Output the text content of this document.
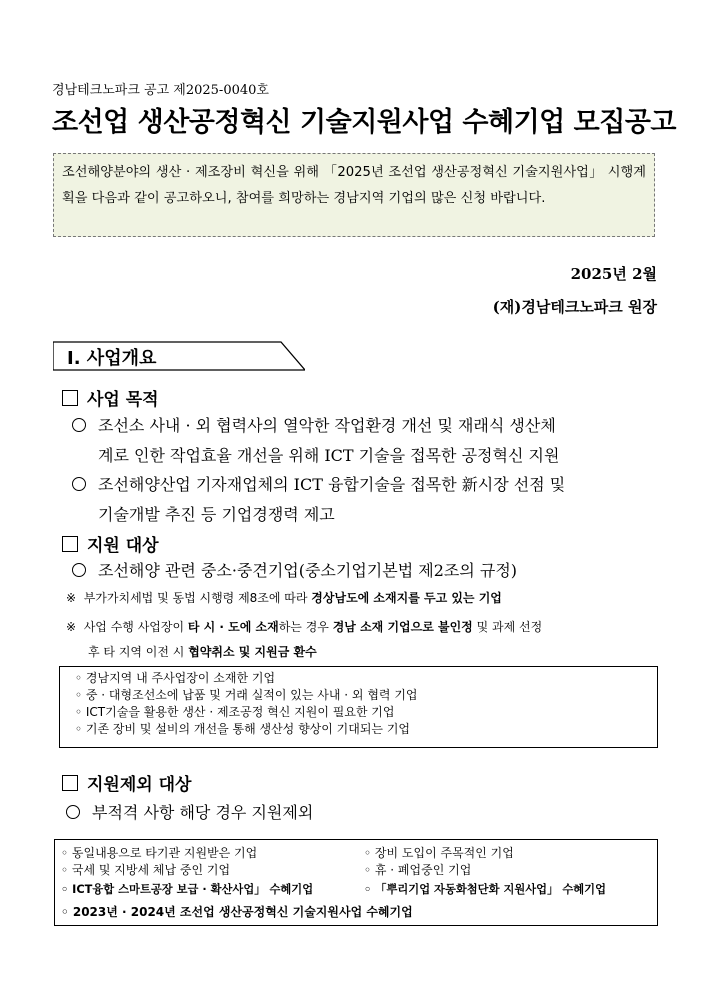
경남테크노파크 공고 제2025-0040호
조선업 생산공정혁신 기술지원사업 수혜기업 모집공고
조선해양분야의 생산 · 제조장비 혁신을 위해 「2025년 조선업 생산공정혁신 기술지원사업」 시행계획을 다음과 같이 공고하오니, 참여를 희망하는 경남지역 기업의 많은 신청 바랍니다.
2025년 2월
(재)경남테크노파크 원장
Ⅰ. 사업개요
사업 목적
조선소 사내 · 외 협력사의 열악한 작업환경 개선 및 재래식 생산체
계로 인한 작업효율 개선을 위해 ICT 기술을 접목한 공정혁신 지원
조선해양산업 기자재업체의 ICT 융합기술을 접목한 新시장 선점 및
기술개발 추진 등 기업경쟁력 제고
지원 대상
조선해양 관련 중소·중견기업(중소기업기본법 제2조의 규정)
※ 부가가치세법 및 동법 시행령 제8조에 따라 경상남도에 소재지를 두고 있는 기업
※ 사업 수행 사업장이 타 시 · 도에 소재하는 경우 경남 소재 기업으로 불인정 및 과제 선정
후 타 지역 이전 시 협약취소 및 지원금 환수
◦ 경남지역 내 주사업장이 소재한 기업
◦ 중 · 대형조선소에 납품 및 거래 실적이 있는 사내 · 외 협력 기업
◦ ICT기술을 활용한 생산 · 제조공정 혁신 지원이 필요한 기업
◦ 기존 장비 및 설비의 개선을 통해 생산성 향상이 기대되는 기업
지원제외 대상
부적격 사항 해당 경우 지원제외
◦ 동일내용으로 타기관 지원받은 기업	◦ 장비 도입이 주목적인 기업
◦ 국세 및 지방세 체납 중인 기업	◦ 휴 · 폐업중인 기업
◦ ICT융합 스마트공장 보급 · 확산사업」 수혜기업	◦ 「뿌리기업 자동화첨단화 지원사업」 수혜기업
◦ 2023년 · 2024년 조선업 생산공정혁신 기술지원사업 수혜기업
